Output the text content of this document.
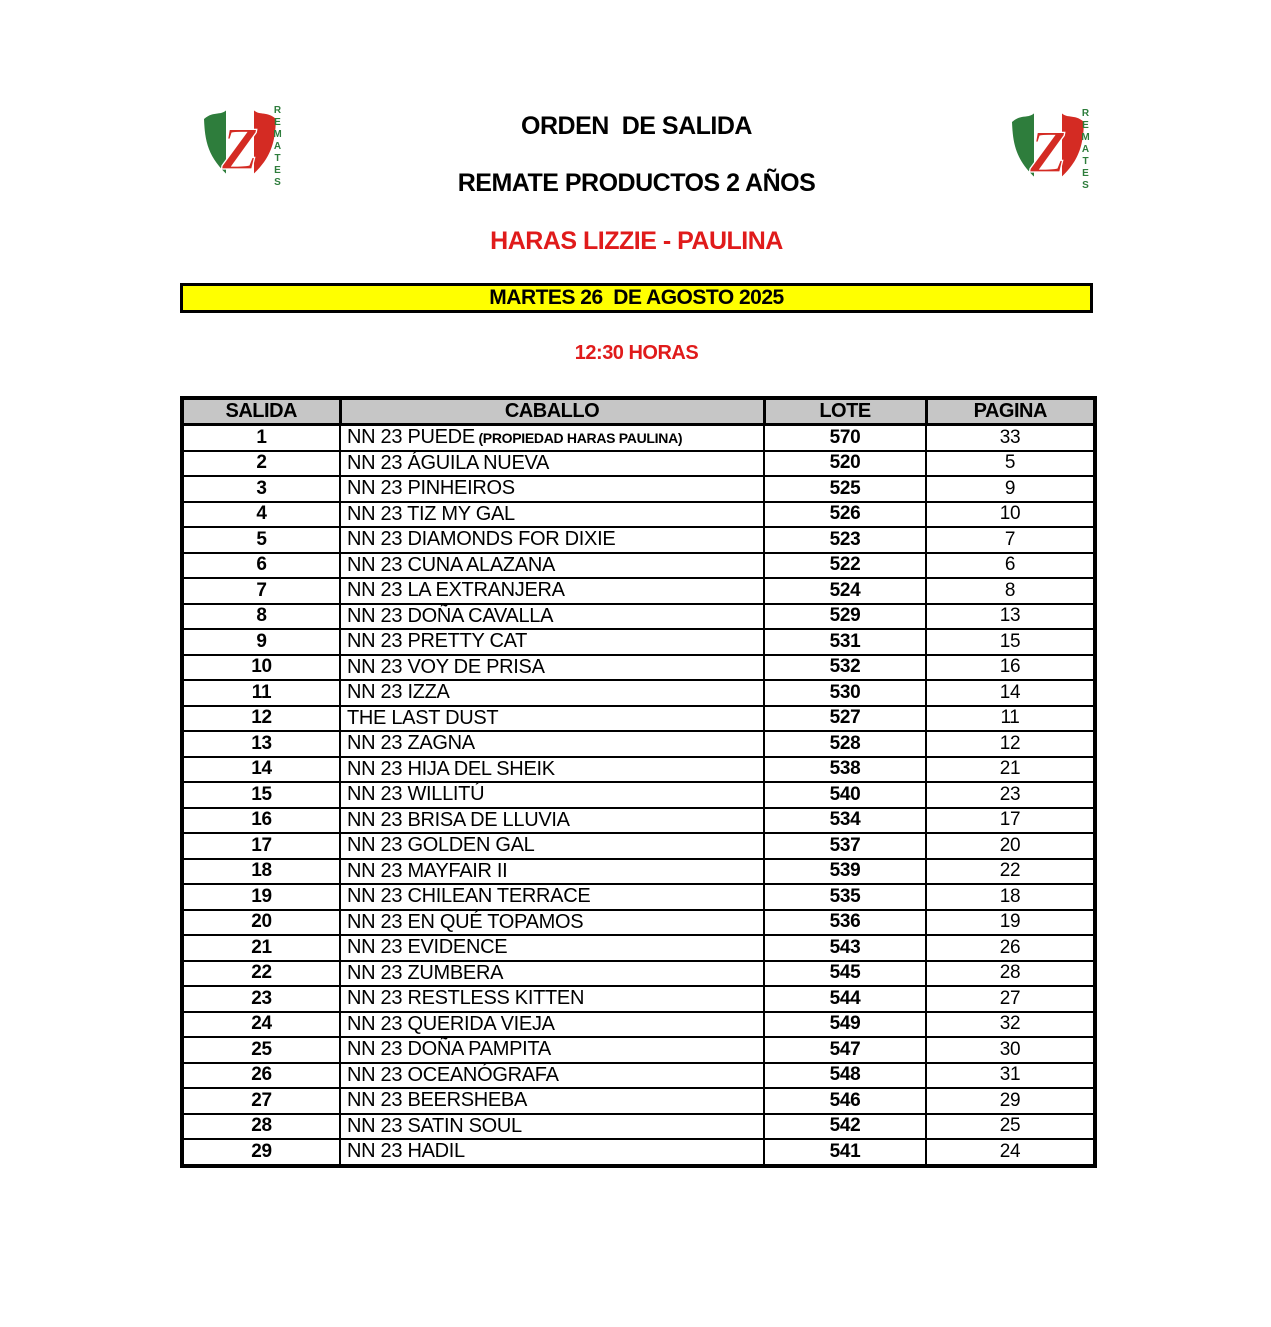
Z REMATES	Z REMATES
ORDEN  DE SALIDA
REMATE PRODUCTOS 2 AÑOS
HARAS LIZZIE - PAULINA
MARTES 26  DE AGOSTO 2025
12:30 HORAS
SALIDA	CABALLO	LOTE	PAGINA
1	NN 23 PUEDE (PROPIEDAD HARAS PAULINA)	570	33
2	NN 23 ÁGUILA NUEVA	520	5
3	NN 23 PINHEIROS	525	9
4	NN 23 TIZ MY GAL	526	10
5	NN 23 DIAMONDS FOR DIXIE	523	7
6	NN 23 CUNA ALAZANA	522	6
7	NN 23 LA EXTRANJERA	524	8
8	NN 23 DOÑA CAVALLA	529	13
9	NN 23 PRETTY CAT	531	15
10	NN 23 VOY DE PRISA	532	16
11	NN 23 IZZA	530	14
12	THE LAST DUST	527	11
13	NN 23 ZAGNA	528	12
14	NN 23 HIJA DEL SHEIK	538	21
15	NN 23 WILLITÚ	540	23
16	NN 23 BRISA DE LLUVIA	534	17
17	NN 23 GOLDEN GAL	537	20
18	NN 23 MAYFAIR II	539	22
19	NN 23 CHILEAN TERRACE	535	18
20	NN 23 EN QUÉ TOPAMOS	536	19
21	NN 23 EVIDENCE	543	26
22	NN 23 ZUMBERA	545	28
23	NN 23 RESTLESS KITTEN	544	27
24	NN 23 QUERIDA VIEJA	549	32
25	NN 23 DOÑA PAMPITA	547	30
26	NN 23 OCEANÓGRAFA	548	31
27	NN 23 BEERSHEBA	546	29
28	NN 23 SATIN SOUL	542	25
29	NN 23 HADIL	541	24
